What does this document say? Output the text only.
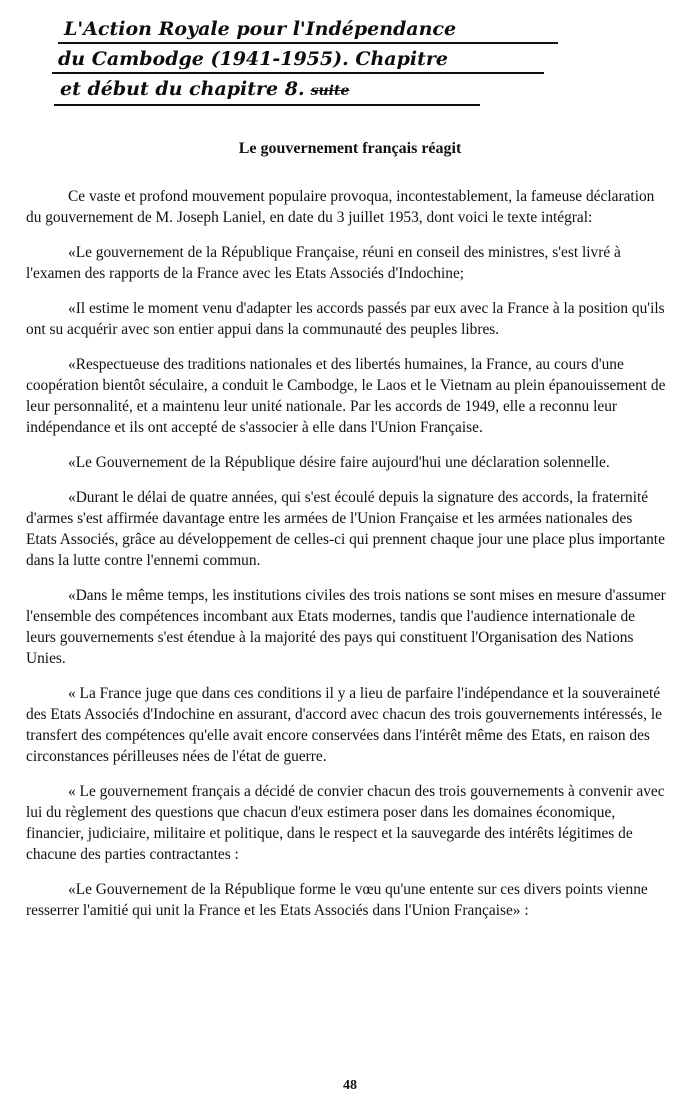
L'Action Royale pour l'Indépendance
du Cambodge (1941-1955). Chapitre
et début du chapitre 8. suite
Le gouvernement français réagit

Ce vaste et profond mouvement populaire provoqua, incontestablement, la fameuse déclaration du gouvernement de M. Joseph Laniel, en date du 3 juillet 1953, dont voici le texte intégral:

«Le gouvernement de la République Française, réuni en conseil des ministres, s'est livré à l'examen des rapports de la France avec les Etats Associés d'Indochine;

«Il estime le moment venu d'adapter les accords passés par eux avec la France à la position qu'ils ont su acquérir avec son entier appui dans la communauté des peuples libres.

«Respectueuse des traditions nationales et des libertés humaines, la France, au cours d'une coopération bientôt séculaire, a conduit le Cambodge, le Laos et le Vietnam au plein épanouissement de leur personnalité, et a maintenu leur unité nationale. Par les accords de 1949, elle a reconnu leur indépendance et ils ont accepté de s'associer à elle dans l'Union Française.

«Le Gouvernement de la République désire faire aujourd'hui une déclaration solennelle.

«Durant le délai de quatre années, qui s'est écoulé depuis la signature des accords, la fraternité d'armes s'est affirmée davantage entre les armées de l'Union Française et les armées nationales des Etats Associés, grâce au développement de celles-ci qui prennent chaque jour une place plus importante dans la lutte contre l'ennemi commun.

«Dans le même temps, les institutions civiles des trois nations se sont mises en mesure d'assumer l'ensemble des compétences incombant aux Etats modernes, tandis que l'audience internationale de leurs gouvernements s'est étendue à la majorité des pays qui constituent l'Organisation des Nations Unies.

« La France juge que dans ces conditions il y a lieu de parfaire l'indépendance et la souveraineté des Etats Associés d'Indochine en assurant, d'accord avec chacun des trois gouvernements intéressés, le transfert des compétences qu'elle avait encore conservées dans l'intérêt même des Etats, en raison des circonstances périlleuses nées de l'état de guerre.

« Le gouvernement français a décidé de convier chacun des trois gouvernements à convenir avec lui du règlement des questions que chacun d'eux estimera poser dans les domaines économique, financier, judiciaire, militaire et politique, dans le respect et la sauvegarde des intérêts légitimes de chacune des parties contractantes :

«Le Gouvernement de la République forme le vœu qu'une entente sur ces divers points vienne resserrer l'amitié qui unit la France et les Etats Associés dans l'Union Française» :

48
